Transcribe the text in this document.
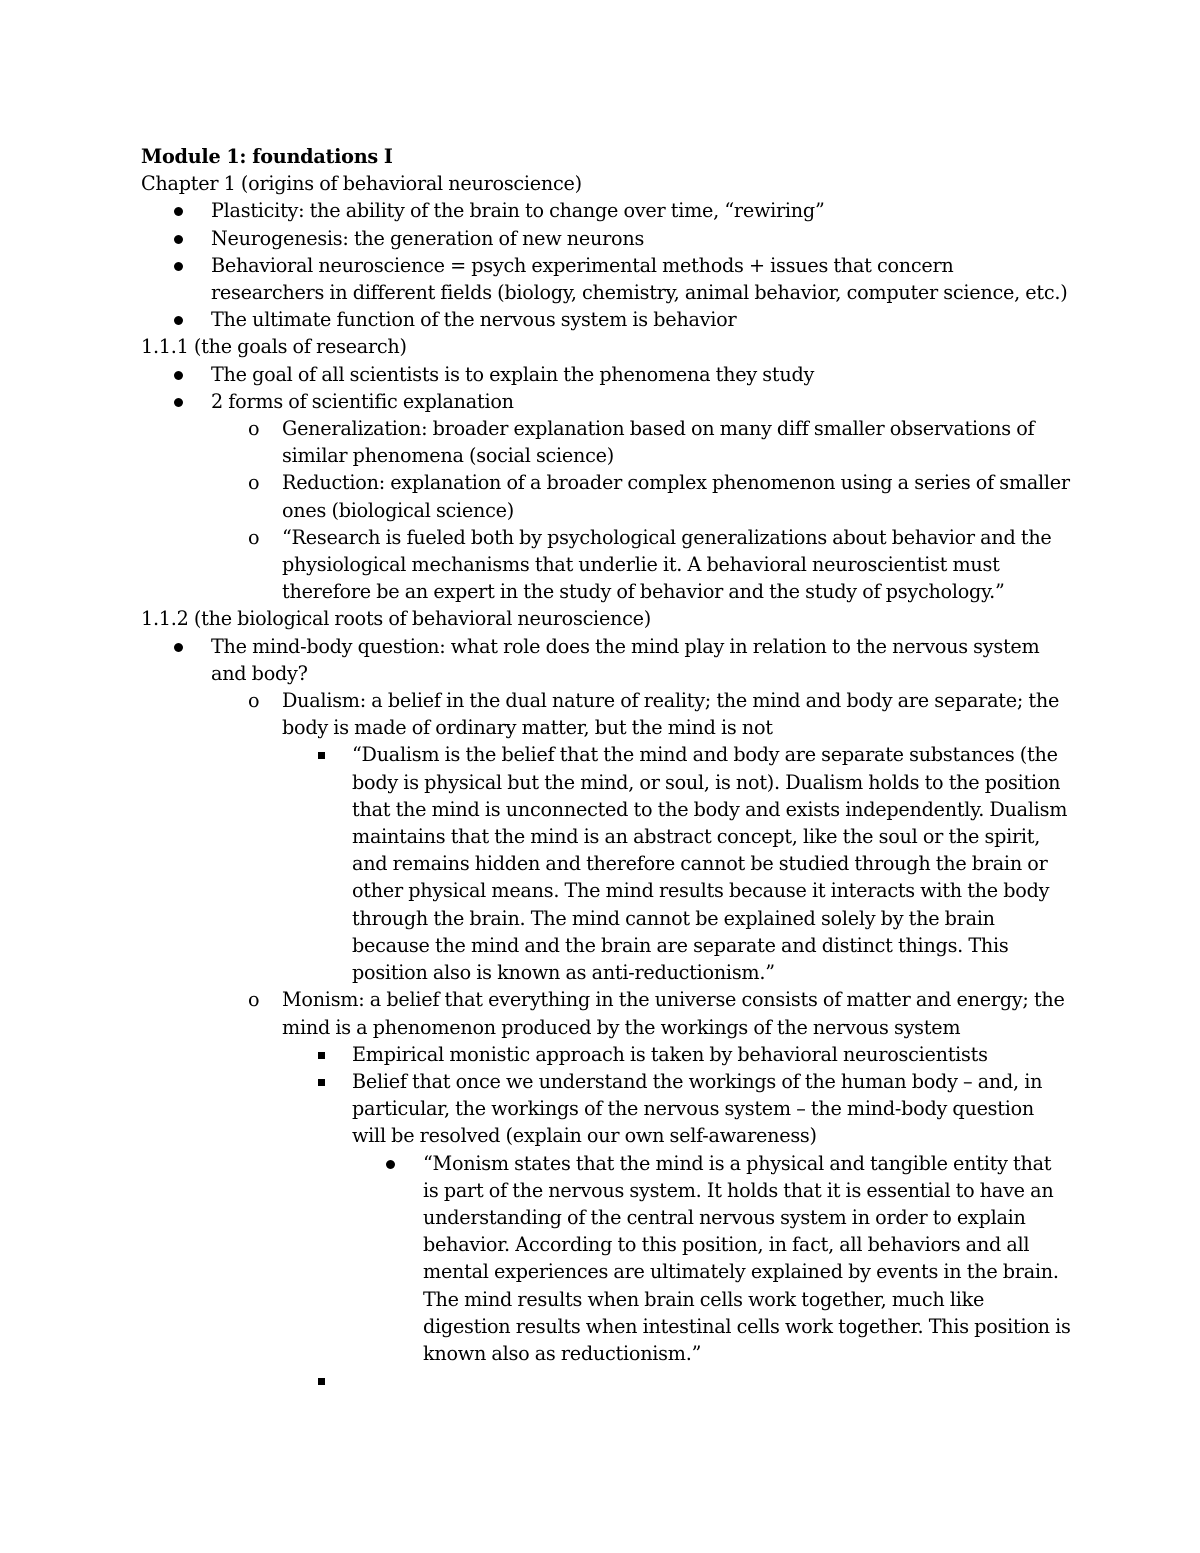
Module 1: foundations I
Chapter 1 (origins of behavioral neuroscience)
Plasticity: the ability of the brain to change over time, “rewiring”
Neurogenesis: the generation of new neurons
Behavioral neuroscience = psych experimental methods + issues that concern researchers in different fields (biology, chemistry, animal behavior, computer science, etc.)
The ultimate function of the nervous system is behavior
1.1.1 (the goals of research)
The goal of all scientists is to explain the phenomena they study
2 forms of scientific explanation
o Generalization: broader explanation based on many diff smaller observations of similar phenomena (social science)
o Reduction: explanation of a broader complex phenomenon using a series of smaller ones (biological science)
o “Research is fueled both by psychological generalizations about behavior and the physiological mechanisms that underlie it. A behavioral neuroscientist must therefore be an expert in the study of behavior and the study of psychology.”
1.1.2 (the biological roots of behavioral neuroscience)
The mind-body question: what role does the mind play in relation to the nervous system and body?
o Dualism: a belief in the dual nature of reality; the mind and body are separate; the body is made of ordinary matter, but the mind is not
“Dualism is the belief that the mind and body are separate substances (the body is physical but the mind, or soul, is not). Dualism holds to the position that the mind is unconnected to the body and exists independently. Dualism maintains that the mind is an abstract concept, like the soul or the spirit, and remains hidden and therefore cannot be studied through the brain or other physical means. The mind results because it interacts with the body through the brain. The mind cannot be explained solely by the brain because the mind and the brain are separate and distinct things. This position also is known as anti-reductionism.”
o Monism: a belief that everything in the universe consists of matter and energy; the mind is a phenomenon produced by the workings of the nervous system
Empirical monistic approach is taken by behavioral neuroscientists
Belief that once we understand the workings of the human body – and, in particular, the workings of the nervous system – the mind-body question will be resolved (explain our own self-awareness)
“Monism states that the mind is a physical and tangible entity that is part of the nervous system. It holds that it is essential to have an understanding of the central nervous system in order to explain behavior. According to this position, in fact, all behaviors and all mental experiences are ultimately explained by events in the brain. The mind results when brain cells work together, much like digestion results when intestinal cells work together. This position is known also as reductionism.”
